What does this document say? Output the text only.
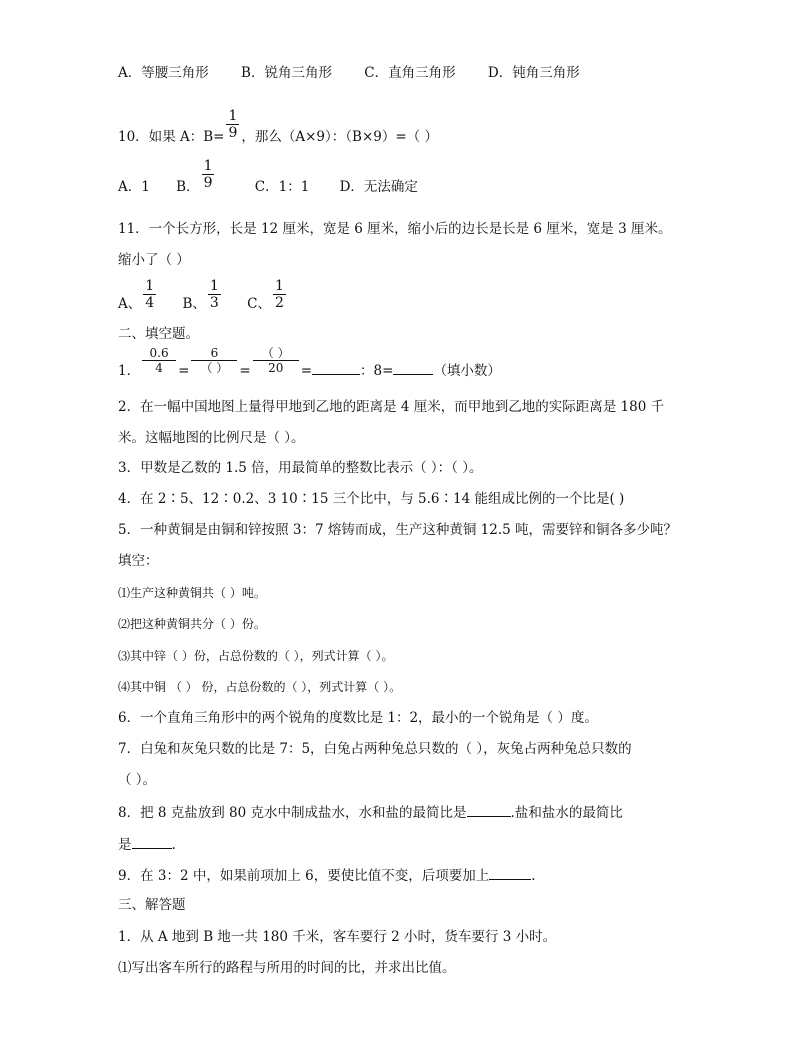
A．等腰三角形 B．锐角三角形 C．直角三角形 D．钝角三角形
10．如果 A：$B= \frac{1}{9}$ ，那么（A×9）：（B×9）=（ ）
A．1 B． $\frac{1}{9}$	C．1：1 D．无法确定
11．一个长方形，长是 12 厘米，宽是 6 厘米，缩小后的边长是长是 6 厘米，宽是 3 厘米。
缩小了（ ）
A、 $\frac{1}{4}$ B、 $\frac{1}{3}$ C、 $\frac{1}{2}$
二、填空题。
1． $\frac{0.6}{4} = \frac{6}{( )} = \frac{( )}{20}$ =	：8=	（填小数）
2．在一幅中国地图上量得甲地到乙地的距离是 4 厘米，而甲地到乙地的实际距离是 180 千
米。这幅地图的比例尺是（ ）。
3．甲数是乙数的 1.5 倍，用最简单的整数比表示（ ）：（ ）。
4．在 2∶5、12∶0.2、3 10∶15 三个比中，与 5.6∶14 能组成比例的一个比是( )
5．一种黄铜是由铜和锌按照 3：7 熔铸而成，生产这种黄铜 12.5 吨，需要锌和铜各多少吨？
填空：
⑴生产这种黄铜共（ ）吨。
⑵把这种黄铜共分（ ）份。
⑶其中锌（ ）份，占总份数的（ ），列式计算（ ）。
⑷其中铜 （ ） 份，占总份数的（ ），列式计算（ ）。
6．一个直角三角形中的两个锐角的度数比是 1：2，最小的一个锐角是（ ）度。
7．白兔和灰兔只数的比是 7：5，白兔占两种兔总只数的（ ），灰兔占两种兔总只数的
（ ）。
8．把 8 克盐放到 80 克水中制成盐水，水和盐的最简比是	.盐和盐水的最简比
是	.
9．在 3：2 中，如果前项加上 6，要使比值不变，后项要加上	.
三、解答题
1．从 A 地到 B 地一共 180 千米，客车要行 2 小时，货车要行 3 小时。
⑴写出客车所行的路程与所用的时间的比，并求出比值。
